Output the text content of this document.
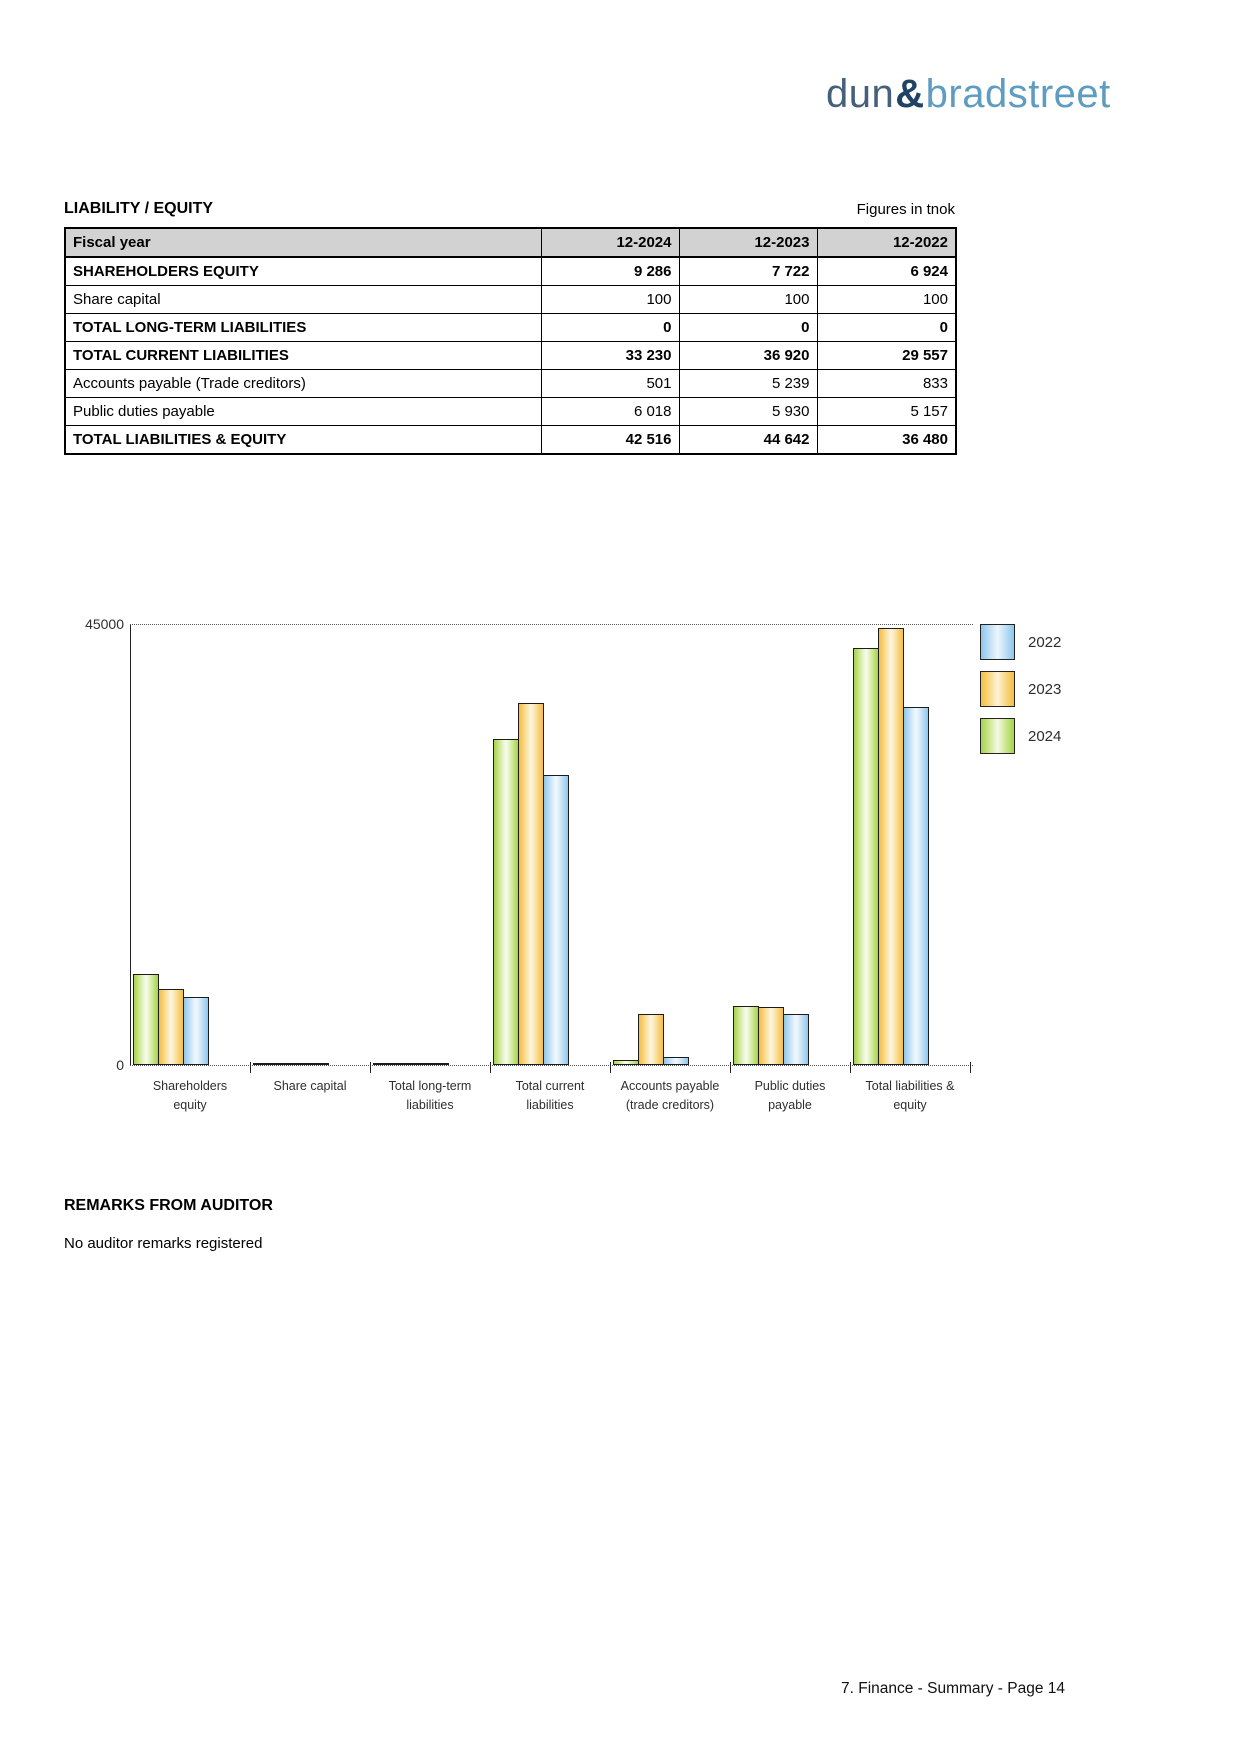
dun&bradstreet
LIABILITY / EQUITY	Figures in tnok
Fiscal year	12-2024	12-2023	12-2022
SHAREHOLDERS EQUITY	9 286	7 722	6 924
Share capital	100	100	100
TOTAL LONG-TERM LIABILITIES	0	0	0
TOTAL CURRENT LIABILITIES	33 230	36 920	29 557
Accounts payable (Trade creditors)	501	5 239	833
Public duties payable	6 018	5 930	5 157
TOTAL LIABILITIES & EQUITY	42 516	44 642	36 480
45000
0
Shareholders
equity
Share capital	Total long-term
liabilities
Total current
liabilities
Accounts payable
(trade creditors)
Public duties
payable
Total liabilities &
equity
2022
2023
2024
REMARKS FROM AUDITOR
No auditor remarks registered
7. Finance - Summary - Page 14
